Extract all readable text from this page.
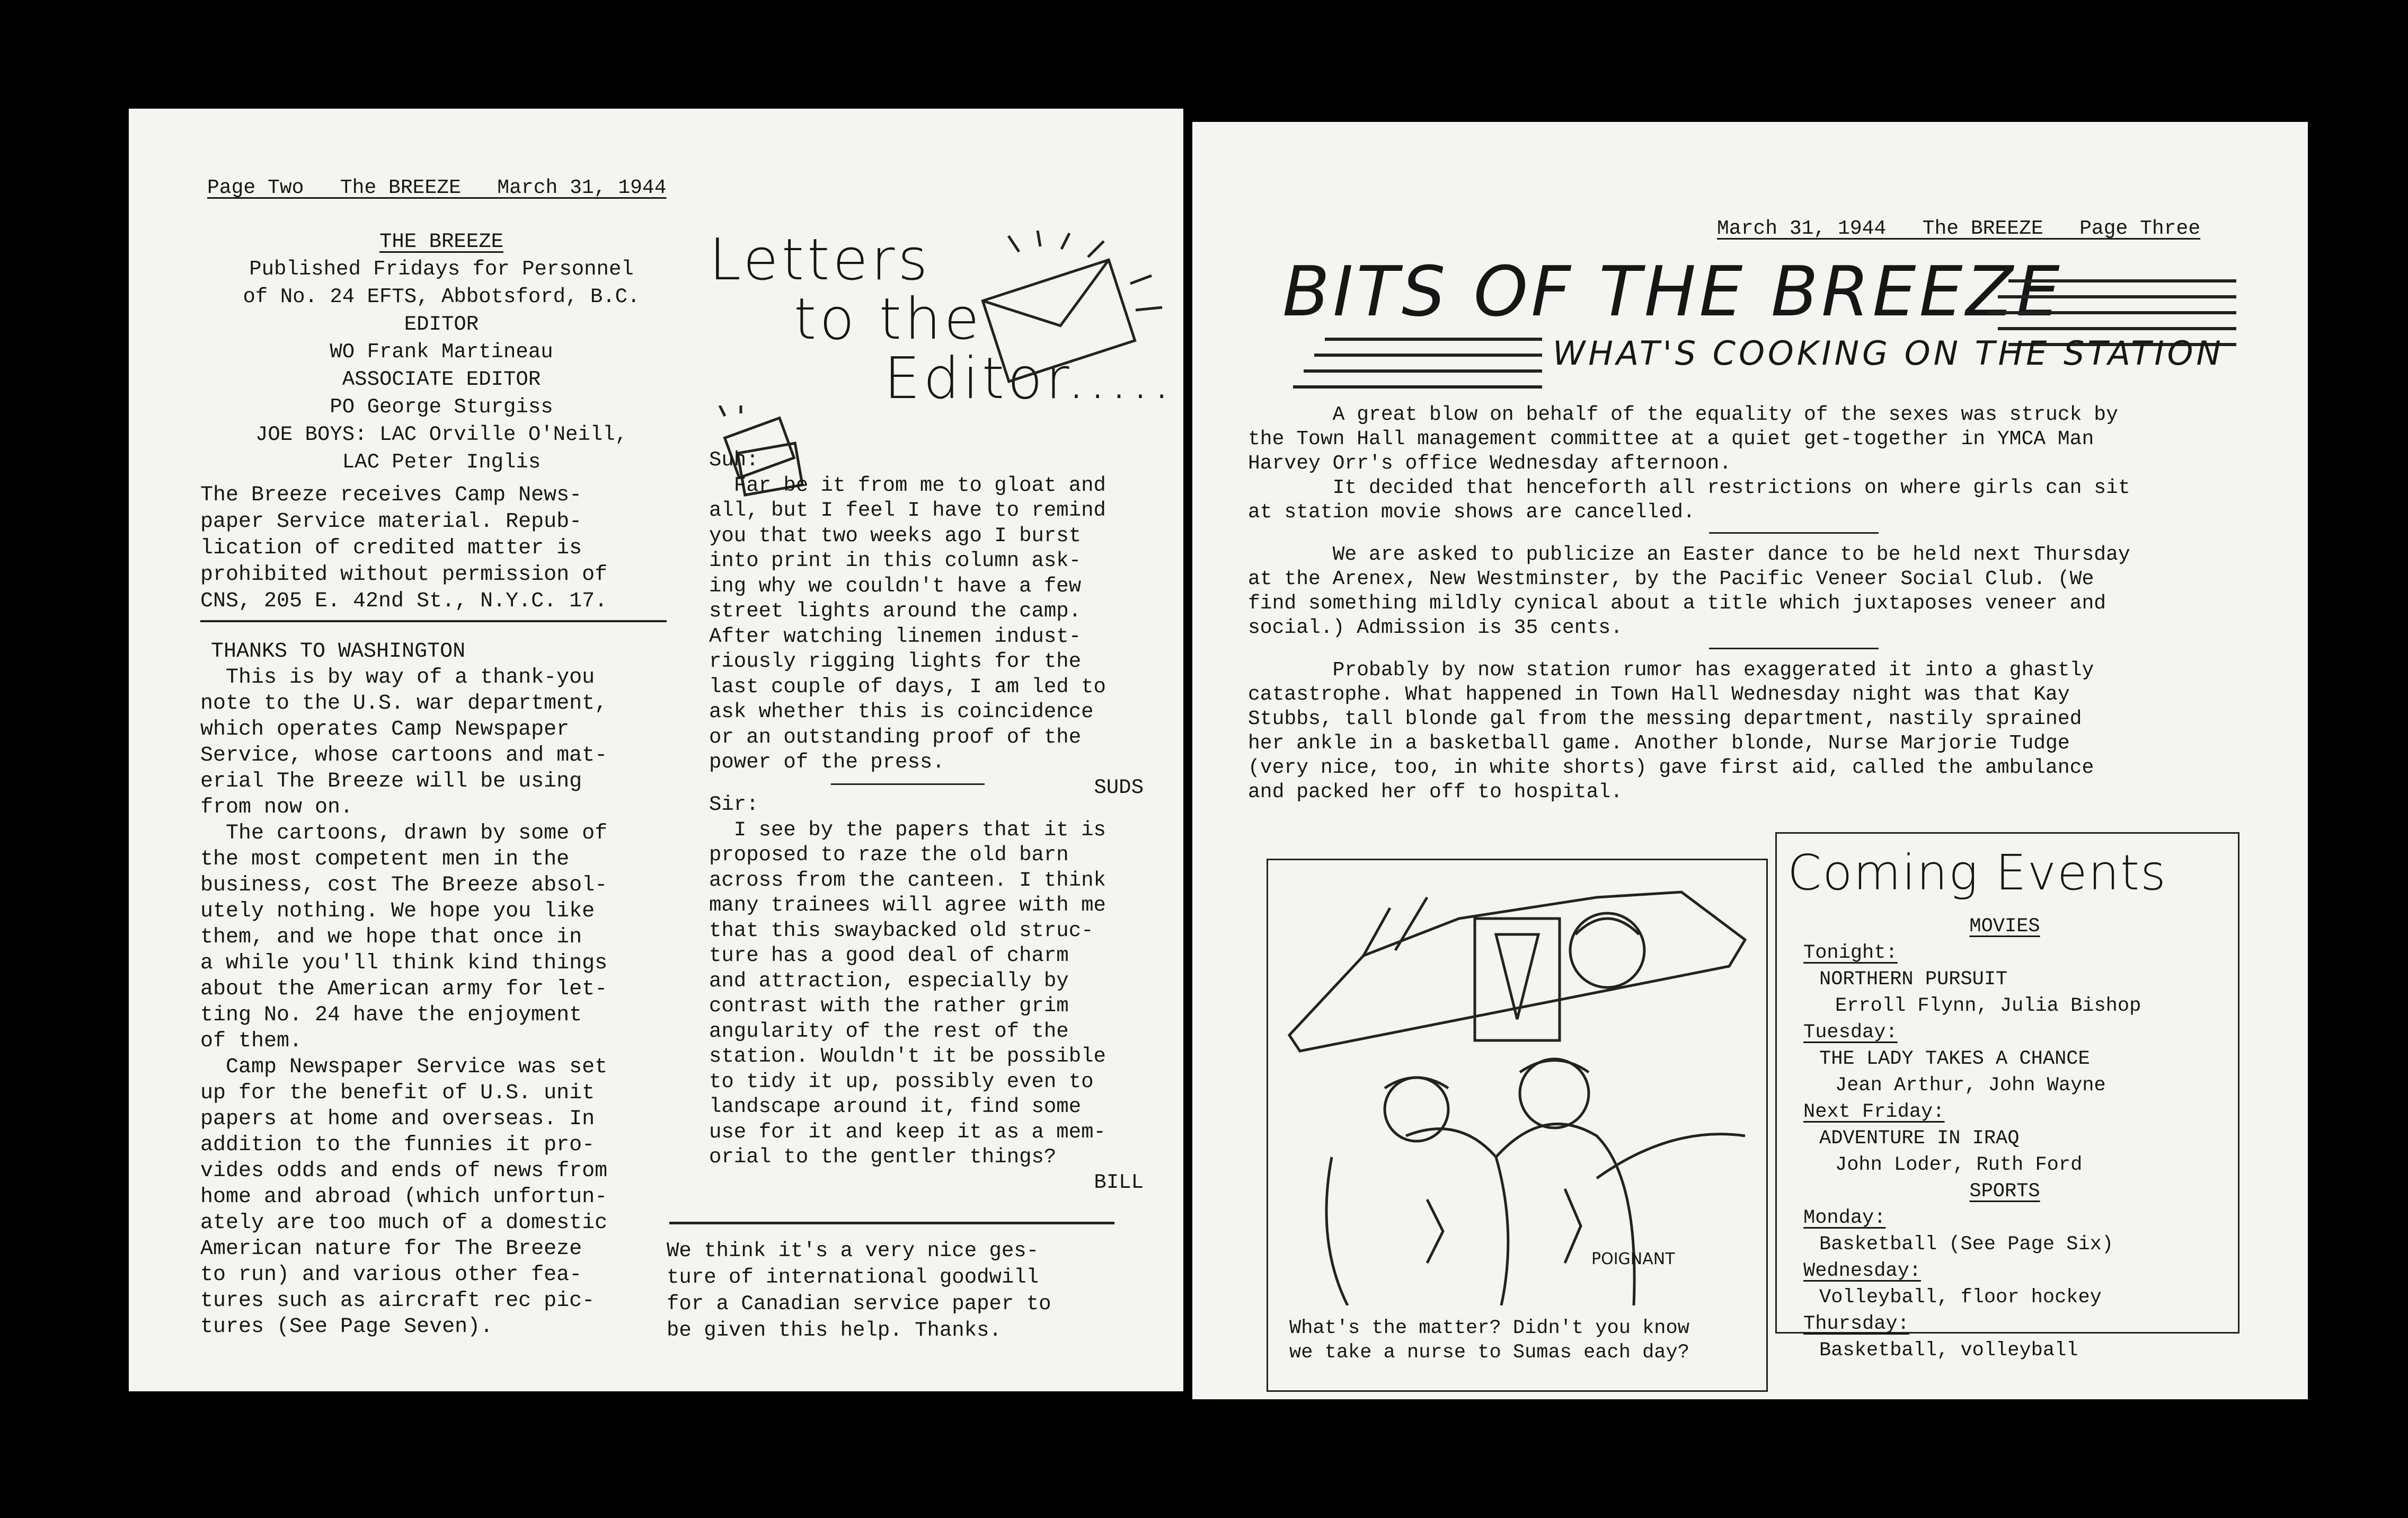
Page Two   The BREEZE   March 31, 1944
THE BREEZE
Published Fridays for Personnel
of No. 24 EFTS, Abbotsford, B.C.
EDITOR
WO Frank Martineau
ASSOCIATE EDITOR
PO George Sturgiss
JOE BOYS: LAC Orville O'Neill,
LAC Peter Inglis
The Breeze receives Camp News-
paper Service material. Repub-
lication of credited matter is
prohibited without permission of
CNS, 205 E. 42nd St., N.Y.C. 17.
THANKS TO WASHINGTON
This is by way of a thank-you
note to the U.S. war department,
which operates Camp Newspaper
Service, whose cartoons and mat-
erial The Breeze will be using
from now on.
The cartoons, drawn by some of
the most competent men in the
business, cost The Breeze absol-
utely nothing. We hope you like
them, and we hope that once in
a while you'll think kind things
about the American army for let-
ting No. 24 have the enjoyment
of them.
Camp Newspaper Service was set
up for the benefit of U.S. unit
papers at home and overseas. In
addition to the funnies it pro-
vides odds and ends of news from
home and abroad (which unfortun-
ately are too much of a domestic
American nature for The Breeze
to run) and various other fea-
tures such as aircraft rec pic-
tures (See Page Seven).
Letters
to the
Editor.....
Suh:
Far be it from me to gloat and
all, but I feel I have to remind
you that two weeks ago I burst
into print in this column ask-
ing why we couldn't have a few
street lights around the camp.
After watching linemen indust-
riously rigging lights for the
last couple of days, I am led to
ask whether this is coincidence
or an outstanding proof of the
power of the press.
SUDS
Sir:
I see by the papers that it is
proposed to raze the old barn
across from the canteen. I think
many trainees will agree with me
that this swaybacked old struc-
ture has a good deal of charm
and attraction, especially by
contrast with the rather grim
angularity of the rest of the
station. Wouldn't it be possible
to tidy it up, possibly even to
landscape around it, find some
use for it and keep it as a mem-
orial to the gentler things?
BILL
We think it's a very nice ges-
ture of international goodwill
for a Canadian service paper to
be given this help. Thanks.
March 31, 1944   The BREEZE   Page Three
BITS OF THE BREEZE
WHAT'S COOKING ON THE STATION
A great blow on behalf of the equality of the sexes was struck by
the Town Hall management committee at a quiet get-together in YMCA Man
Harvey Orr's office Wednesday afternoon.
It decided that henceforth all restrictions on where girls can sit
at station movie shows are cancelled.
We are asked to publicize an Easter dance to be held next Thursday
at the Arenex, New Westminster, by the Pacific Veneer Social Club. (We
find something mildly cynical about a title which juxtaposes veneer and
social.) Admission is 35 cents.
Probably by now station rumor has exaggerated it into a ghastly
catastrophe. What happened in Town Hall Wednesday night was that Kay
Stubbs, tall blonde gal from the messing department, nastily sprained
her ankle in a basketball game. Another blonde, Nurse Marjorie Tudge
(very nice, too, in white shorts) gave first aid, called the ambulance
and packed her off to hospital.
POIGNANT
What's the matter? Didn't you know
we take a nurse to Sumas each day?
Coming Events
MOVIES
Tonight:
NORTHERN PURSUIT
Erroll Flynn, Julia Bishop
Tuesday:
THE LADY TAKES A CHANCE
Jean Arthur, John Wayne
Next Friday:
ADVENTURE IN IRAQ
John Loder, Ruth Ford
SPORTS
Monday:
Basketball (See Page Six)
Wednesday:
Volleyball, floor hockey
Thursday:
Basketball, volleyball
